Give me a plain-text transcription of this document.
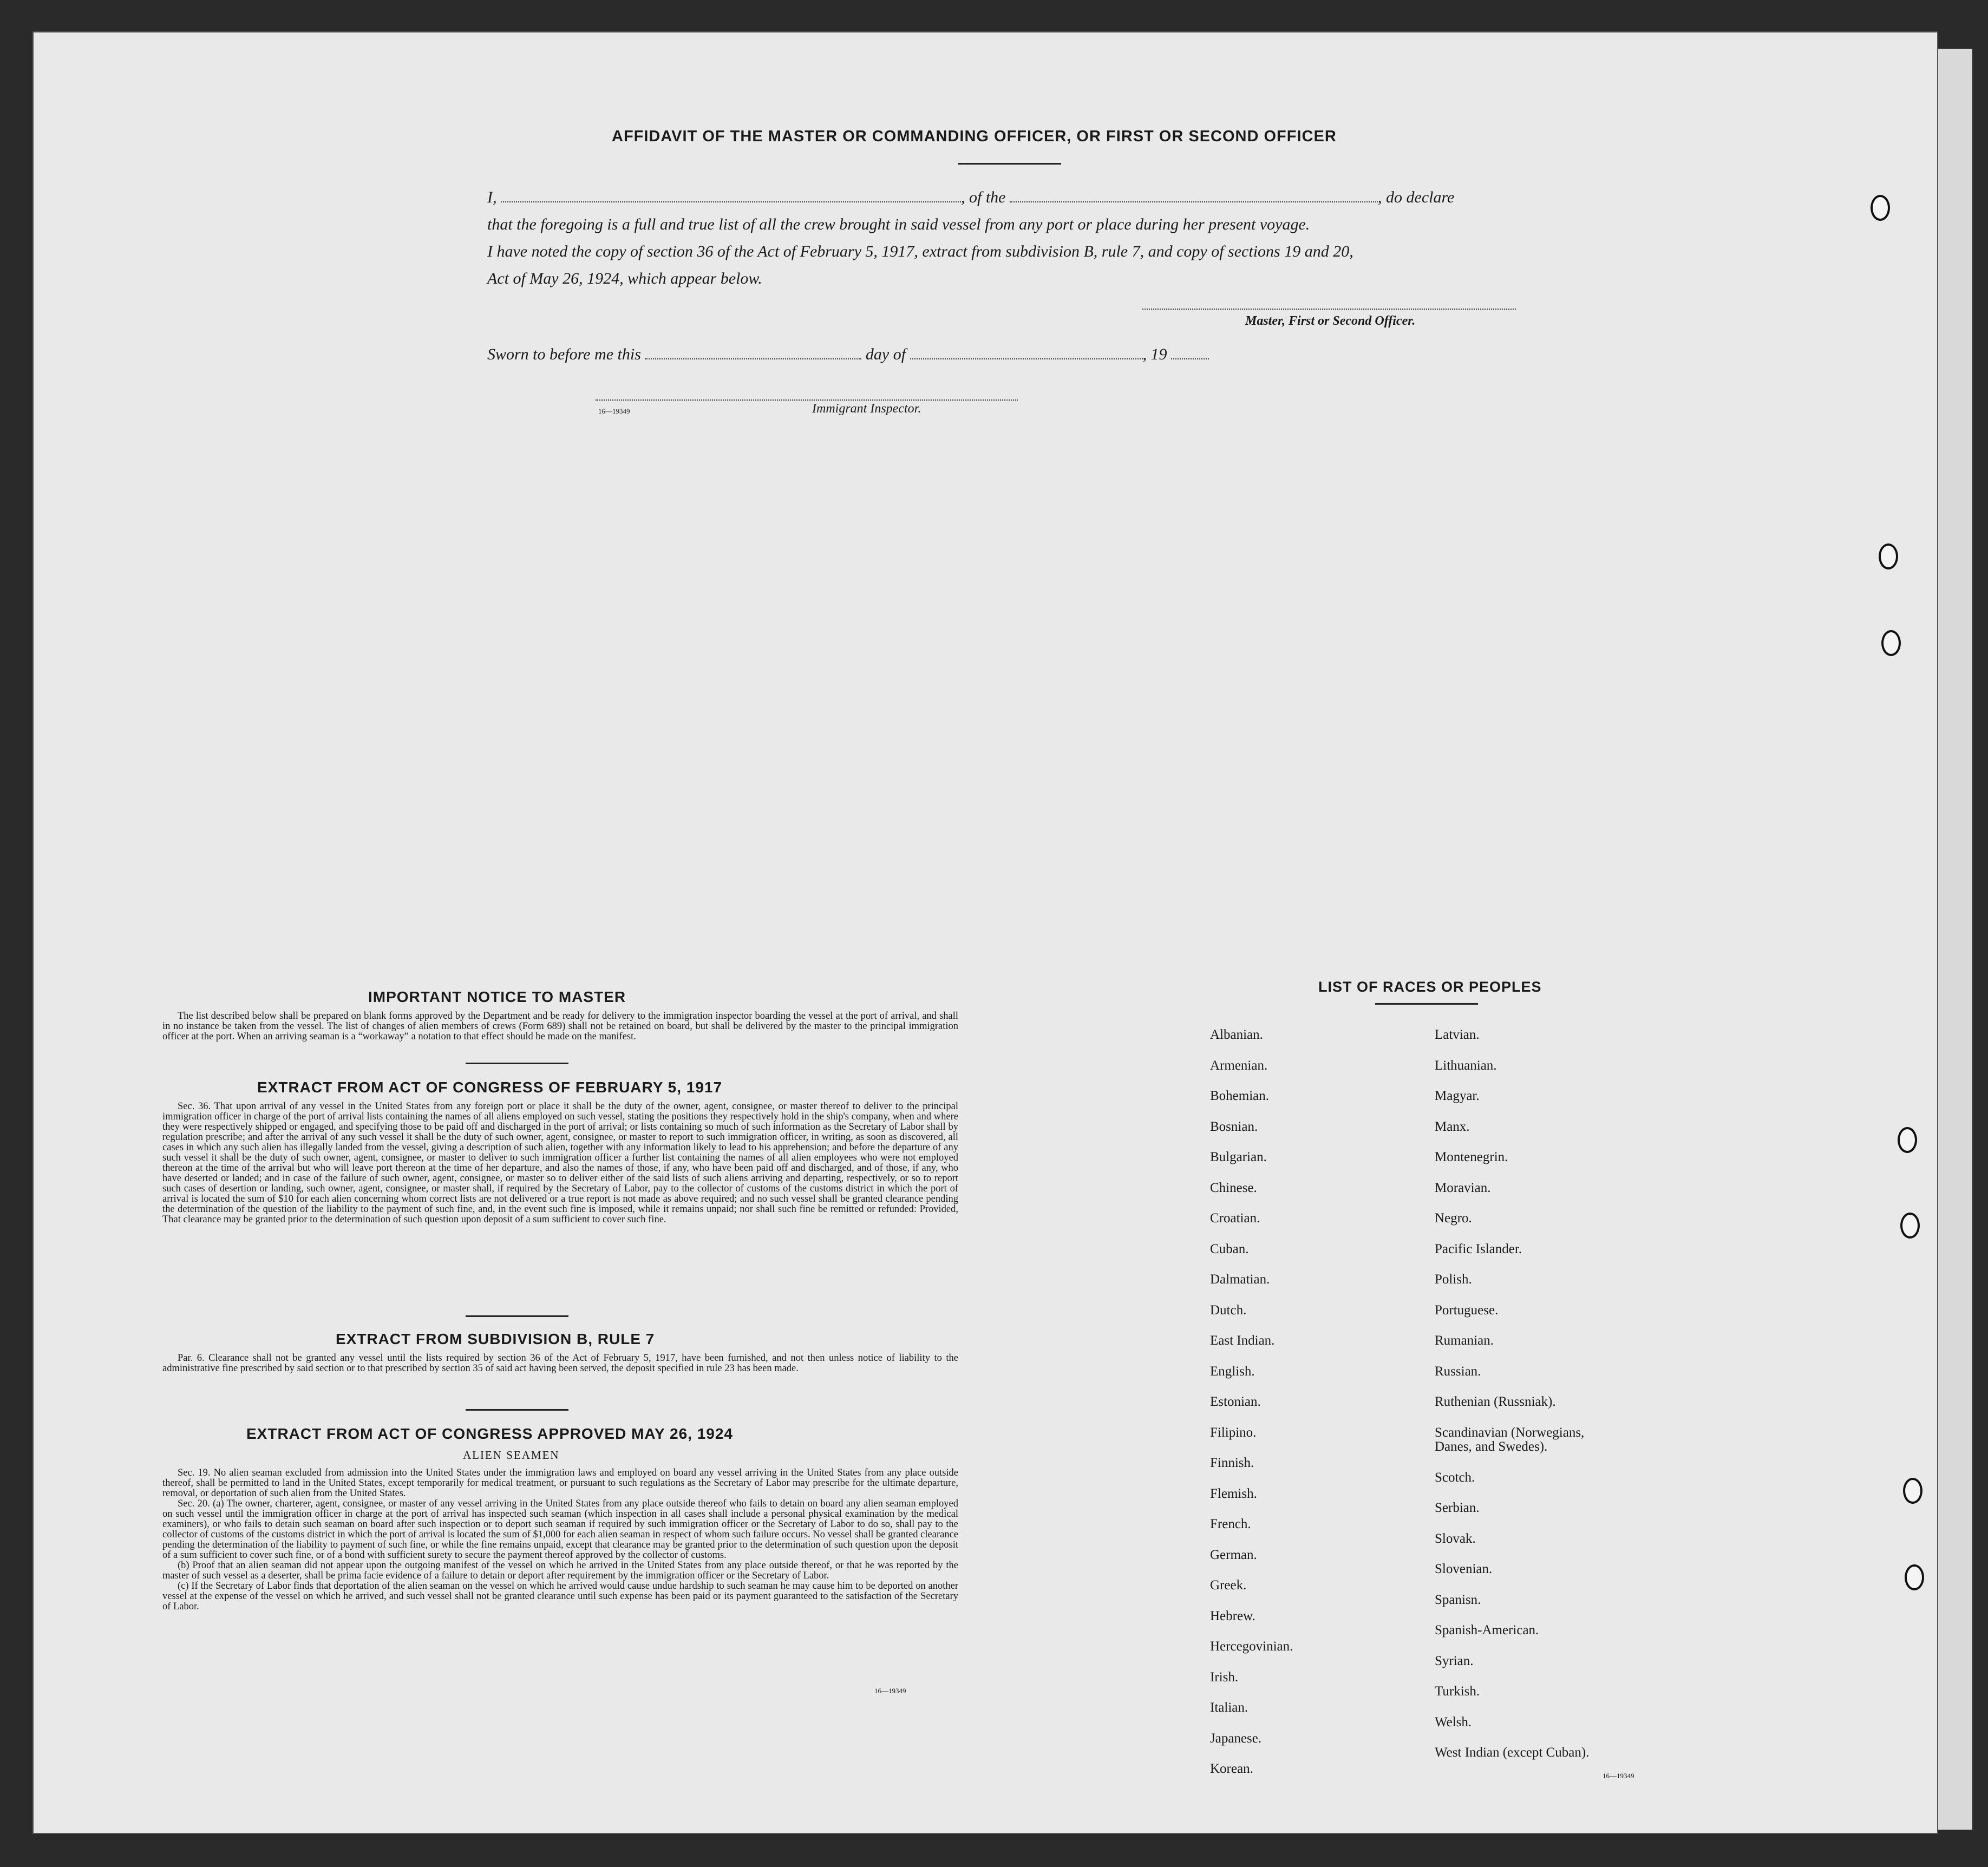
AFFIDAVIT OF THE MASTER OR COMMANDING OFFICER, OR FIRST OR SECOND OFFICER
I,	, of the	, do declare
that the foregoing is a full and true list of all the crew brought in said vessel from any port or place during her present voyage.
I have noted the copy of section 36 of the Act of February 5, 1917, extract from subdivision B, rule 7, and copy of sections 19 and 20,
Act of May 26, 1924, which appear below.
Master, First or Second Officer.
Sworn to before me this	day of	, 19
16—19349	Immigrant Inspector.
IMPORTANT NOTICE TO MASTER

The list described below shall be prepared on blank forms approved by the Department and be ready for delivery to the immigration inspector boarding the vessel at the port of arrival, and shall in no instance be taken from the vessel. The list of changes of alien members of crews (Form 689) shall not be retained on board, but shall be delivered by the master to the principal immigration officer at the port. When an arriving seaman is a “workaway” a notation to that effect should be made on the manifest.

EXTRACT FROM ACT OF CONGRESS OF FEBRUARY 5, 1917

Sec. 36. That upon arrival of any vessel in the United States from any foreign port or place it shall be the duty of the owner, agent, consignee, or master thereof to deliver to the principal immigration officer in charge of the port of arrival lists containing the names of all aliens employed on such vessel, stating the positions they respectively hold in the ship's company, when and where they were respectively shipped or engaged, and specifying those to be paid off and discharged in the port of arrival; or lists containing so much of such information as the Secretary of Labor shall by regulation prescribe; and after the arrival of any such vessel it shall be the duty of such owner, agent, consignee, or master to report to such immigration officer, in writing, as soon as discovered, all cases in which any such alien has illegally landed from the vessel, giving a description of such alien, together with any information likely to lead to his apprehension; and before the departure of any such vessel it shall be the duty of such owner, agent, consignee, or master to deliver to such immigration officer a further list containing the names of all alien employees who were not employed thereon at the time of the arrival but who will leave port thereon at the time of her departure, and also the names of those, if any, who have been paid off and discharged, and of those, if any, who have deserted or landed; and in case of the failure of such owner, agent, consignee, or master so to deliver either of the said lists of such aliens arriving and departing, respectively, or so to report such cases of desertion or landing, such owner, agent, consignee, or master shall, if required by the Secretary of Labor, pay to the collector of customs of the customs district in which the port of arrival is located the sum of $10 for each alien concerning whom correct lists are not delivered or a true report is not made as above required; and no such vessel shall be granted clearance pending the determination of the question of the liability to the payment of such fine, and, in the event such fine is imposed, while it remains unpaid; nor shall such fine be remitted or refunded: Provided, That clearance may be granted prior to the determination of such question upon deposit of a sum sufficient to cover such fine.

EXTRACT FROM SUBDIVISION B, RULE 7

Par. 6. Clearance shall not be granted any vessel until the lists required by section 36 of the Act of February 5, 1917, have been furnished, and not then unless notice of liability to the administrative fine prescribed by said section or to that prescribed by section 35 of said act having been served, the deposit specified in rule 23 has been made.

EXTRACT FROM ACT OF CONGRESS APPROVED MAY 26, 1924
ALIEN SEAMEN

Sec. 19. No alien seaman excluded from admission into the United States under the immigration laws and employed on board any vessel arriving in the United States from any place outside thereof, shall be permitted to land in the United States, except temporarily for medical treatment, or pursuant to such regulations as the Secretary of Labor may prescribe for the ultimate departure, removal, or deportation of such alien from the United States.

Sec. 20. (a) The owner, charterer, agent, consignee, or master of any vessel arriving in the United States from any place outside thereof who fails to detain on board any alien seaman employed on such vessel until the immigration officer in charge at the port of arrival has inspected such seaman (which inspection in all cases shall include a personal physical examination by the medical examiners), or who fails to detain such seaman on board after such inspection or to deport such seaman if required by such immigration officer or the Secretary of Labor to do so, shall pay to the collector of customs of the customs district in which the port of arrival is located the sum of $1,000 for each alien seaman in respect of whom such failure occurs. No vessel shall be granted clearance pending the determination of the liability to payment of such fine, or while the fine remains unpaid, except that clearance may be granted prior to the determination of such question upon the deposit of a sum sufficient to cover such fine, or of a bond with sufficient surety to secure the payment thereof approved by the collector of customs.

(b) Proof that an alien seaman did not appear upon the outgoing manifest of the vessel on which he arrived in the United States from any place outside thereof, or that he was reported by the master of such vessel as a deserter, shall be prima facie evidence of a failure to detain or deport after requirement by the immigration officer or the Secretary of Labor.

(c) If the Secretary of Labor finds that deportation of the alien seaman on the vessel on which he arrived would cause undue hardship to such seaman he may cause him to be deported on another vessel at the expense of the vessel on which he arrived, and such vessel shall not be granted clearance until such expense has been paid or its payment guaranteed to the satisfaction of the Secretary of Labor.

16—19349
LIST OF RACES OR PEOPLES
Albanian.
Armenian.
Bohemian.
Bosnian.
Bulgarian.
Chinese.
Croatian.
Cuban.
Dalmatian.
Dutch.
East Indian.
English.
Estonian.
Filipino.
Finnish.
Flemish.
French.
German.
Greek.
Hebrew.
Hercegovinian.
Irish.
Italian.
Japanese.
Korean.
Latvian.
Lithuanian.
Magyar.
Manx.
Montenegrin.
Moravian.
Negro.
Pacific Islander.
Polish.
Portuguese.
Rumanian.
Russian.
Ruthenian (Russniak).
Scandinavian (Norwegians,
Danes, and Swedes).
Scotch.
Serbian.
Slovak.
Slovenian.
Spanisn.
Spanish-American.
Syrian.
Turkish.
Welsh.
West Indian (except Cuban).
16—19349
